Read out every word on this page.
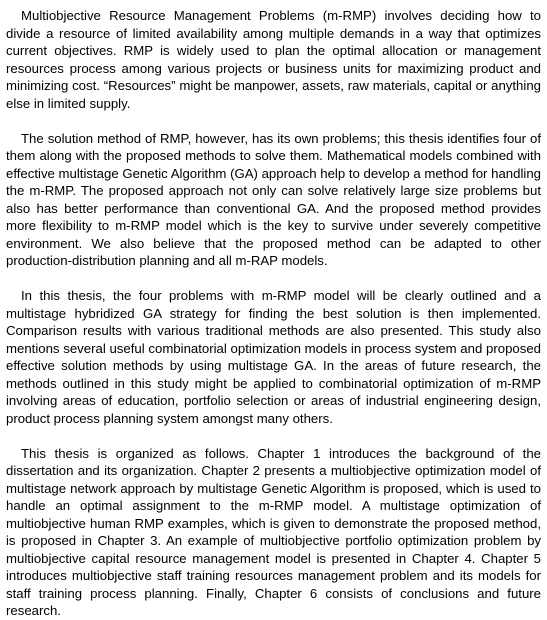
Multiobjective Resource Management Problems (m-RMP) involves deciding how to divide a resource of limited availability among multiple demands in a way that optimizes current objectives. RMP is widely used to plan the optimal allocation or management resources process among various projects or business units for maximizing product and minimizing cost. “Resources” might be manpower, assets, raw materials, capital or anything else in limited supply.

The solution method of RMP, however, has its own problems; this thesis identifies four of them along with the proposed methods to solve them. Mathematical models combined with effective multistage Genetic Algorithm (GA) approach help to develop a method for handling the m-RMP. The proposed approach not only can solve relatively large size problems but also has better performance than conventional GA. And the proposed method provides more flexibility to m-RMP model which is the key to survive under severely competitive environment. We also believe that the proposed method can be adapted to other production-distribution planning and all m-RAP models.

In this thesis, the four problems with m-RMP model will be clearly outlined and a multistage hybridized GA strategy for finding the best solution is then implemented. Comparison results with various traditional methods are also presented. This study also mentions several useful combinatorial optimization models in process system and proposed effective solution methods by using multistage GA. In the areas of future research, the methods outlined in this study might be applied to combinatorial optimization of m-RMP involving areas of education, portfolio selection or areas of industrial engineering design, product process planning system amongst many others.

This thesis is organized as follows. Chapter 1 introduces the background of the dissertation and its organization. Chapter 2 presents a multiobjective optimization model of multistage network approach by multistage Genetic Algorithm is proposed, which is used to handle an optimal assignment to the m-RMP model. A multistage optimization of multiobjective human RMP examples, which is given to demonstrate the proposed method, is proposed in Chapter 3. An example of multiobjective portfolio optimization problem by multiobjective capital resource management model is presented in Chapter 4. Chapter 5 introduces multiobjective staff training resources management problem and its models for staff training process planning. Finally, Chapter 6 consists of conclusions and future research.
